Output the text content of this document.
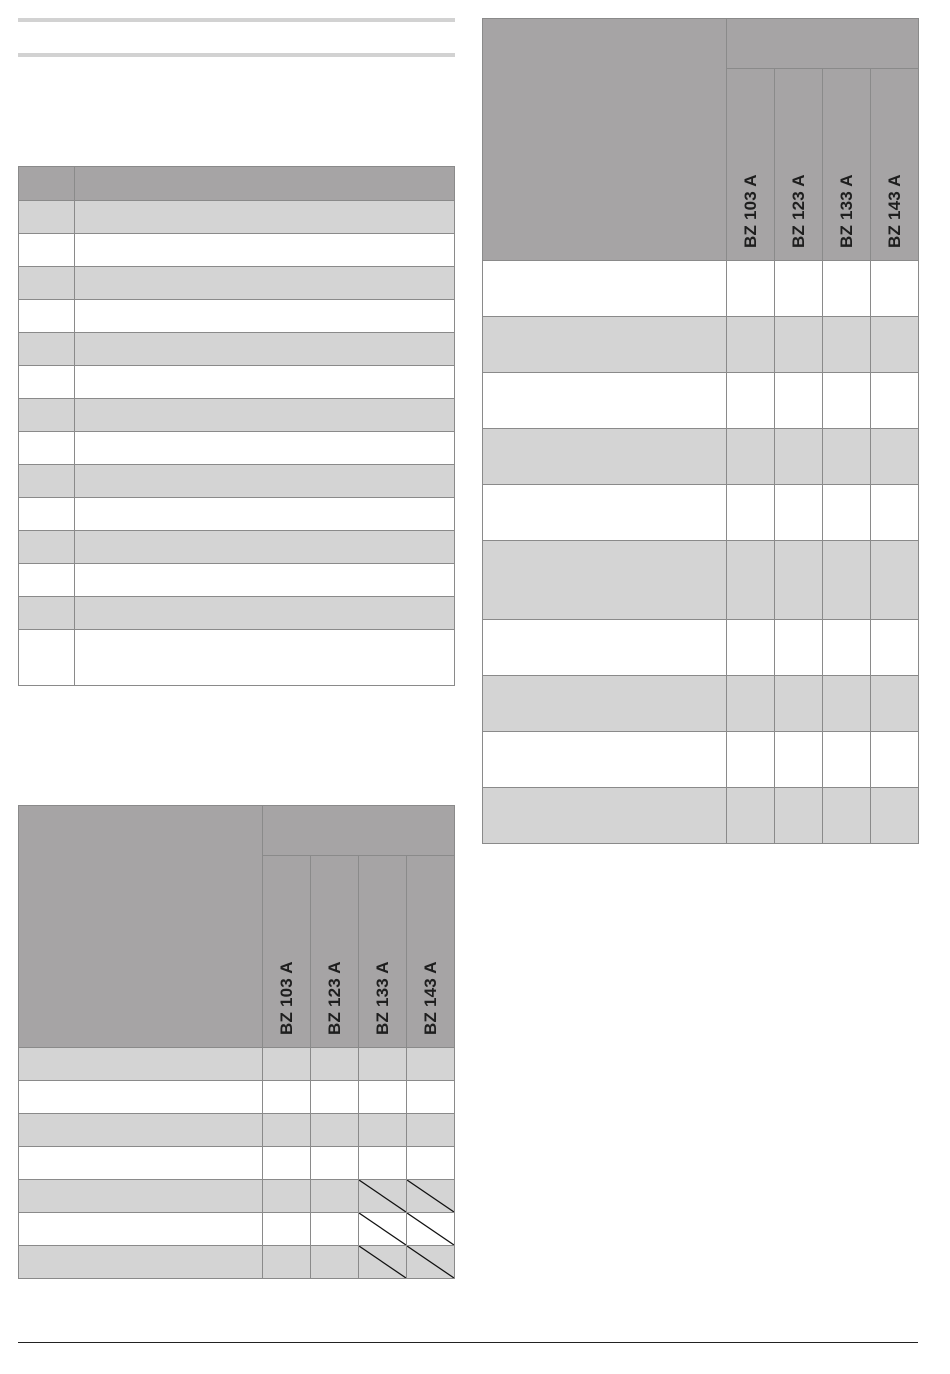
	BZ 103 A	BZ 123 A	BZ 133 A	BZ 143 A

	BZ 103 A	BZ 123 A	BZ 133 A	BZ 143 A
